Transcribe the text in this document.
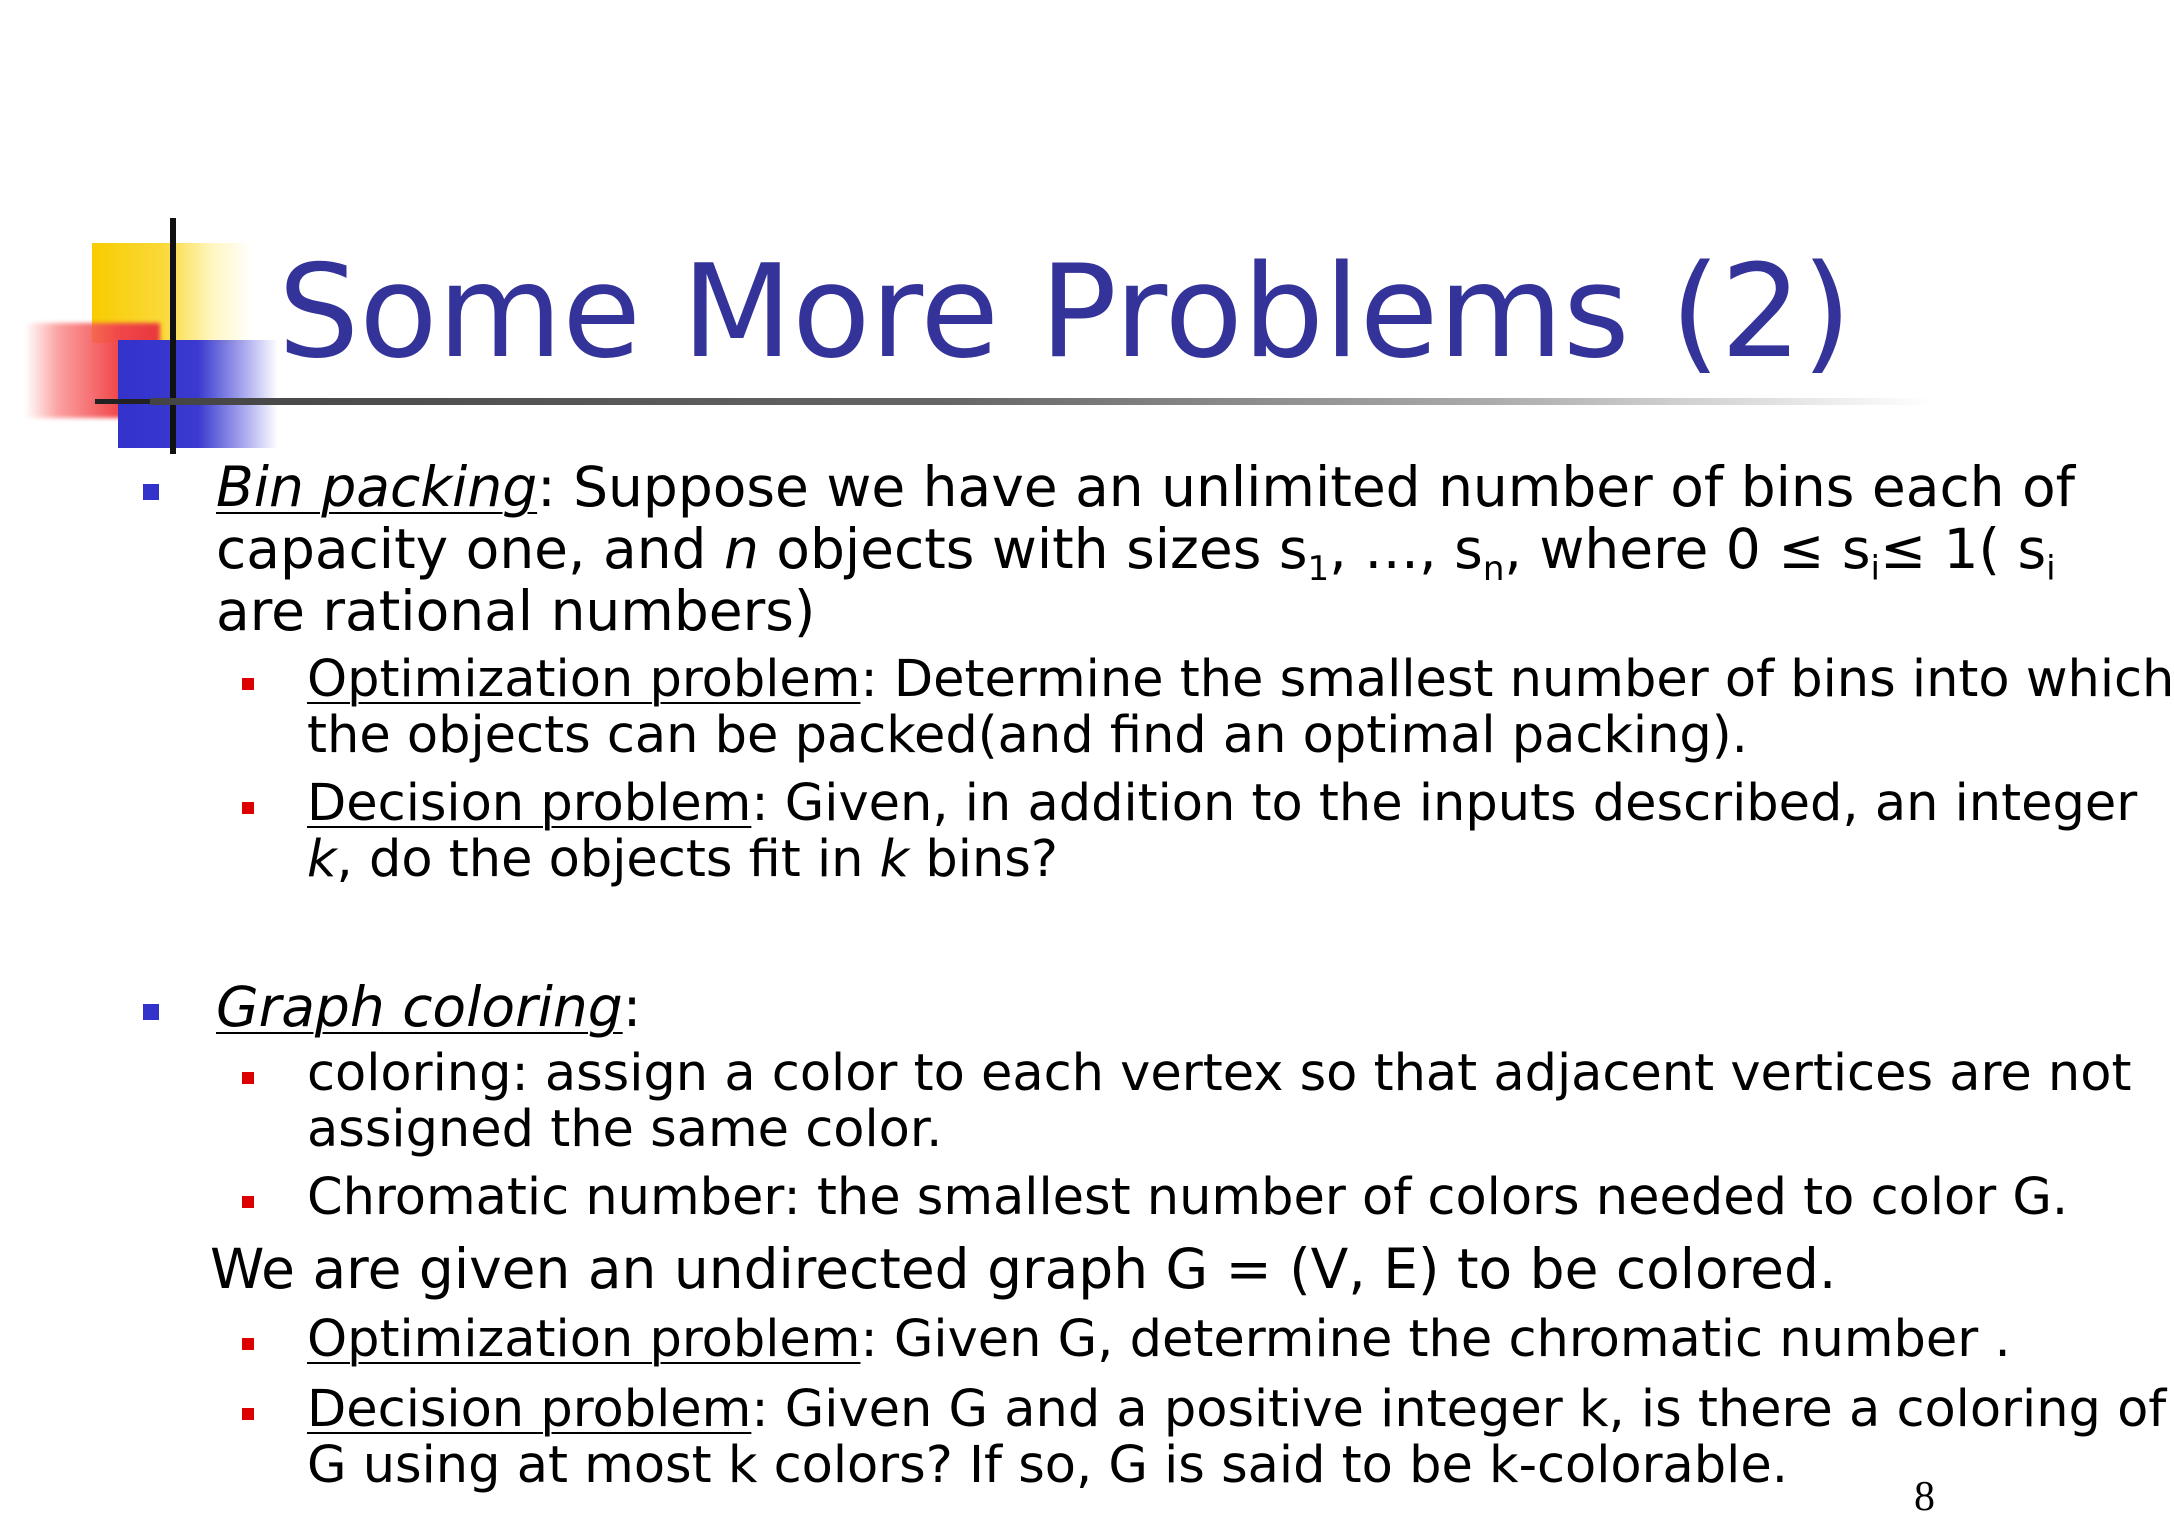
Some More Problems (2)
Bin packing: Suppose we have an unlimited number of bins each of
capacity one, and n objects with sizes $s_1$, …, $s_n$, where $0 \le s_i\le 1$( $s_i$
are rational numbers)
Optimization problem: Determine the smallest number of bins into which
the objects can be packed(and find an optimal packing).
Decision problem: Given, in addition to the inputs described, an integer
k, do the objects fit in k bins?
Graph coloring:
coloring: assign a color to each vertex so that adjacent vertices are not
assigned the same color.
Chromatic number: the smallest number of colors needed to color G.
We are given an undirected graph G = (V, E) to be colored.
Optimization problem: Given G, determine the chromatic number .
Decision problem: Given G and a positive integer k, is there a coloring of
G using at most k colors? If so, G is said to be k-colorable.
8
